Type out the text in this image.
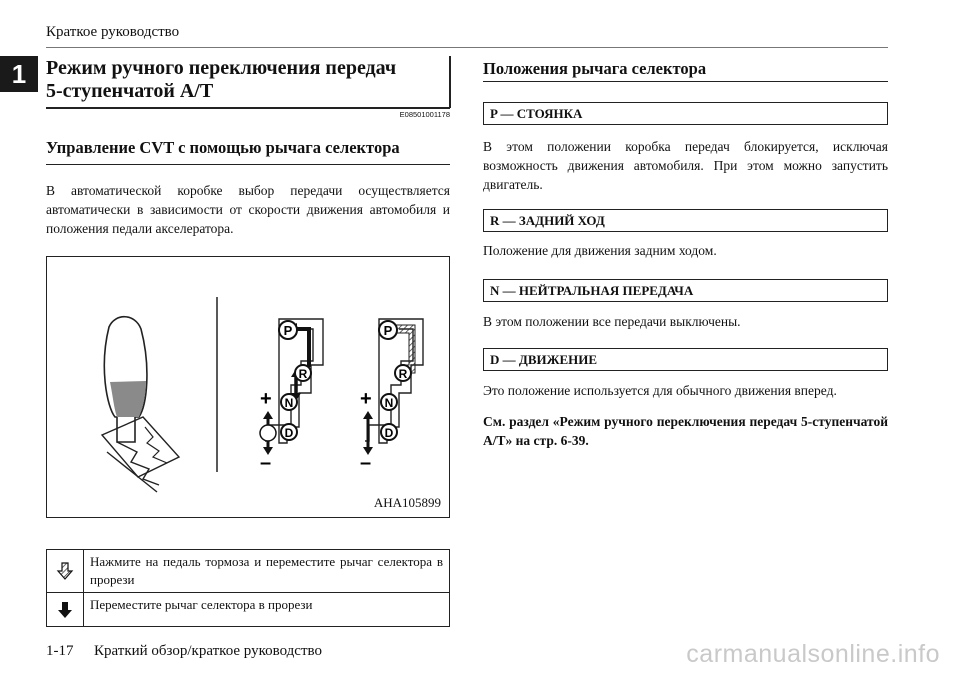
Краткое руководство
1 Режим ручного переключения передач
5-ступенчатой A/T
E08501001178
Управление CVT с помощью рычага селектора
В автоматической коробке выбор передачи осуществляется автоматически в зависимости от скорости движения автомобиля и положения педали акселератора.
P
R
N
D
+
–
P
R
N
D
+
–
AHA105899
Нажмите на педаль тормоза и переместите рычаг селектора в прорези
Переместите рычаг селектора в прорези
1-17 Краткий обзор/краткое руководство
Положения рычага селектора
P — СТОЯНКА
В этом положении коробка передач блокируется, исключая возможность движения автомобиля. При этом можно запустить двигатель.
R — ЗАДНИЙ ХОД
Положение для движения задним ходом.
N — НЕЙТРАЛЬНАЯ ПЕРЕДАЧА
В этом положении все передачи выключены.
D — ДВИЖЕНИЕ
Это положение используется для обычного движения вперед.
См. раздел «Режим ручного переключения передач 5-ступенчатой A/T» на стр. 6-39.
carmanualsonline.info
